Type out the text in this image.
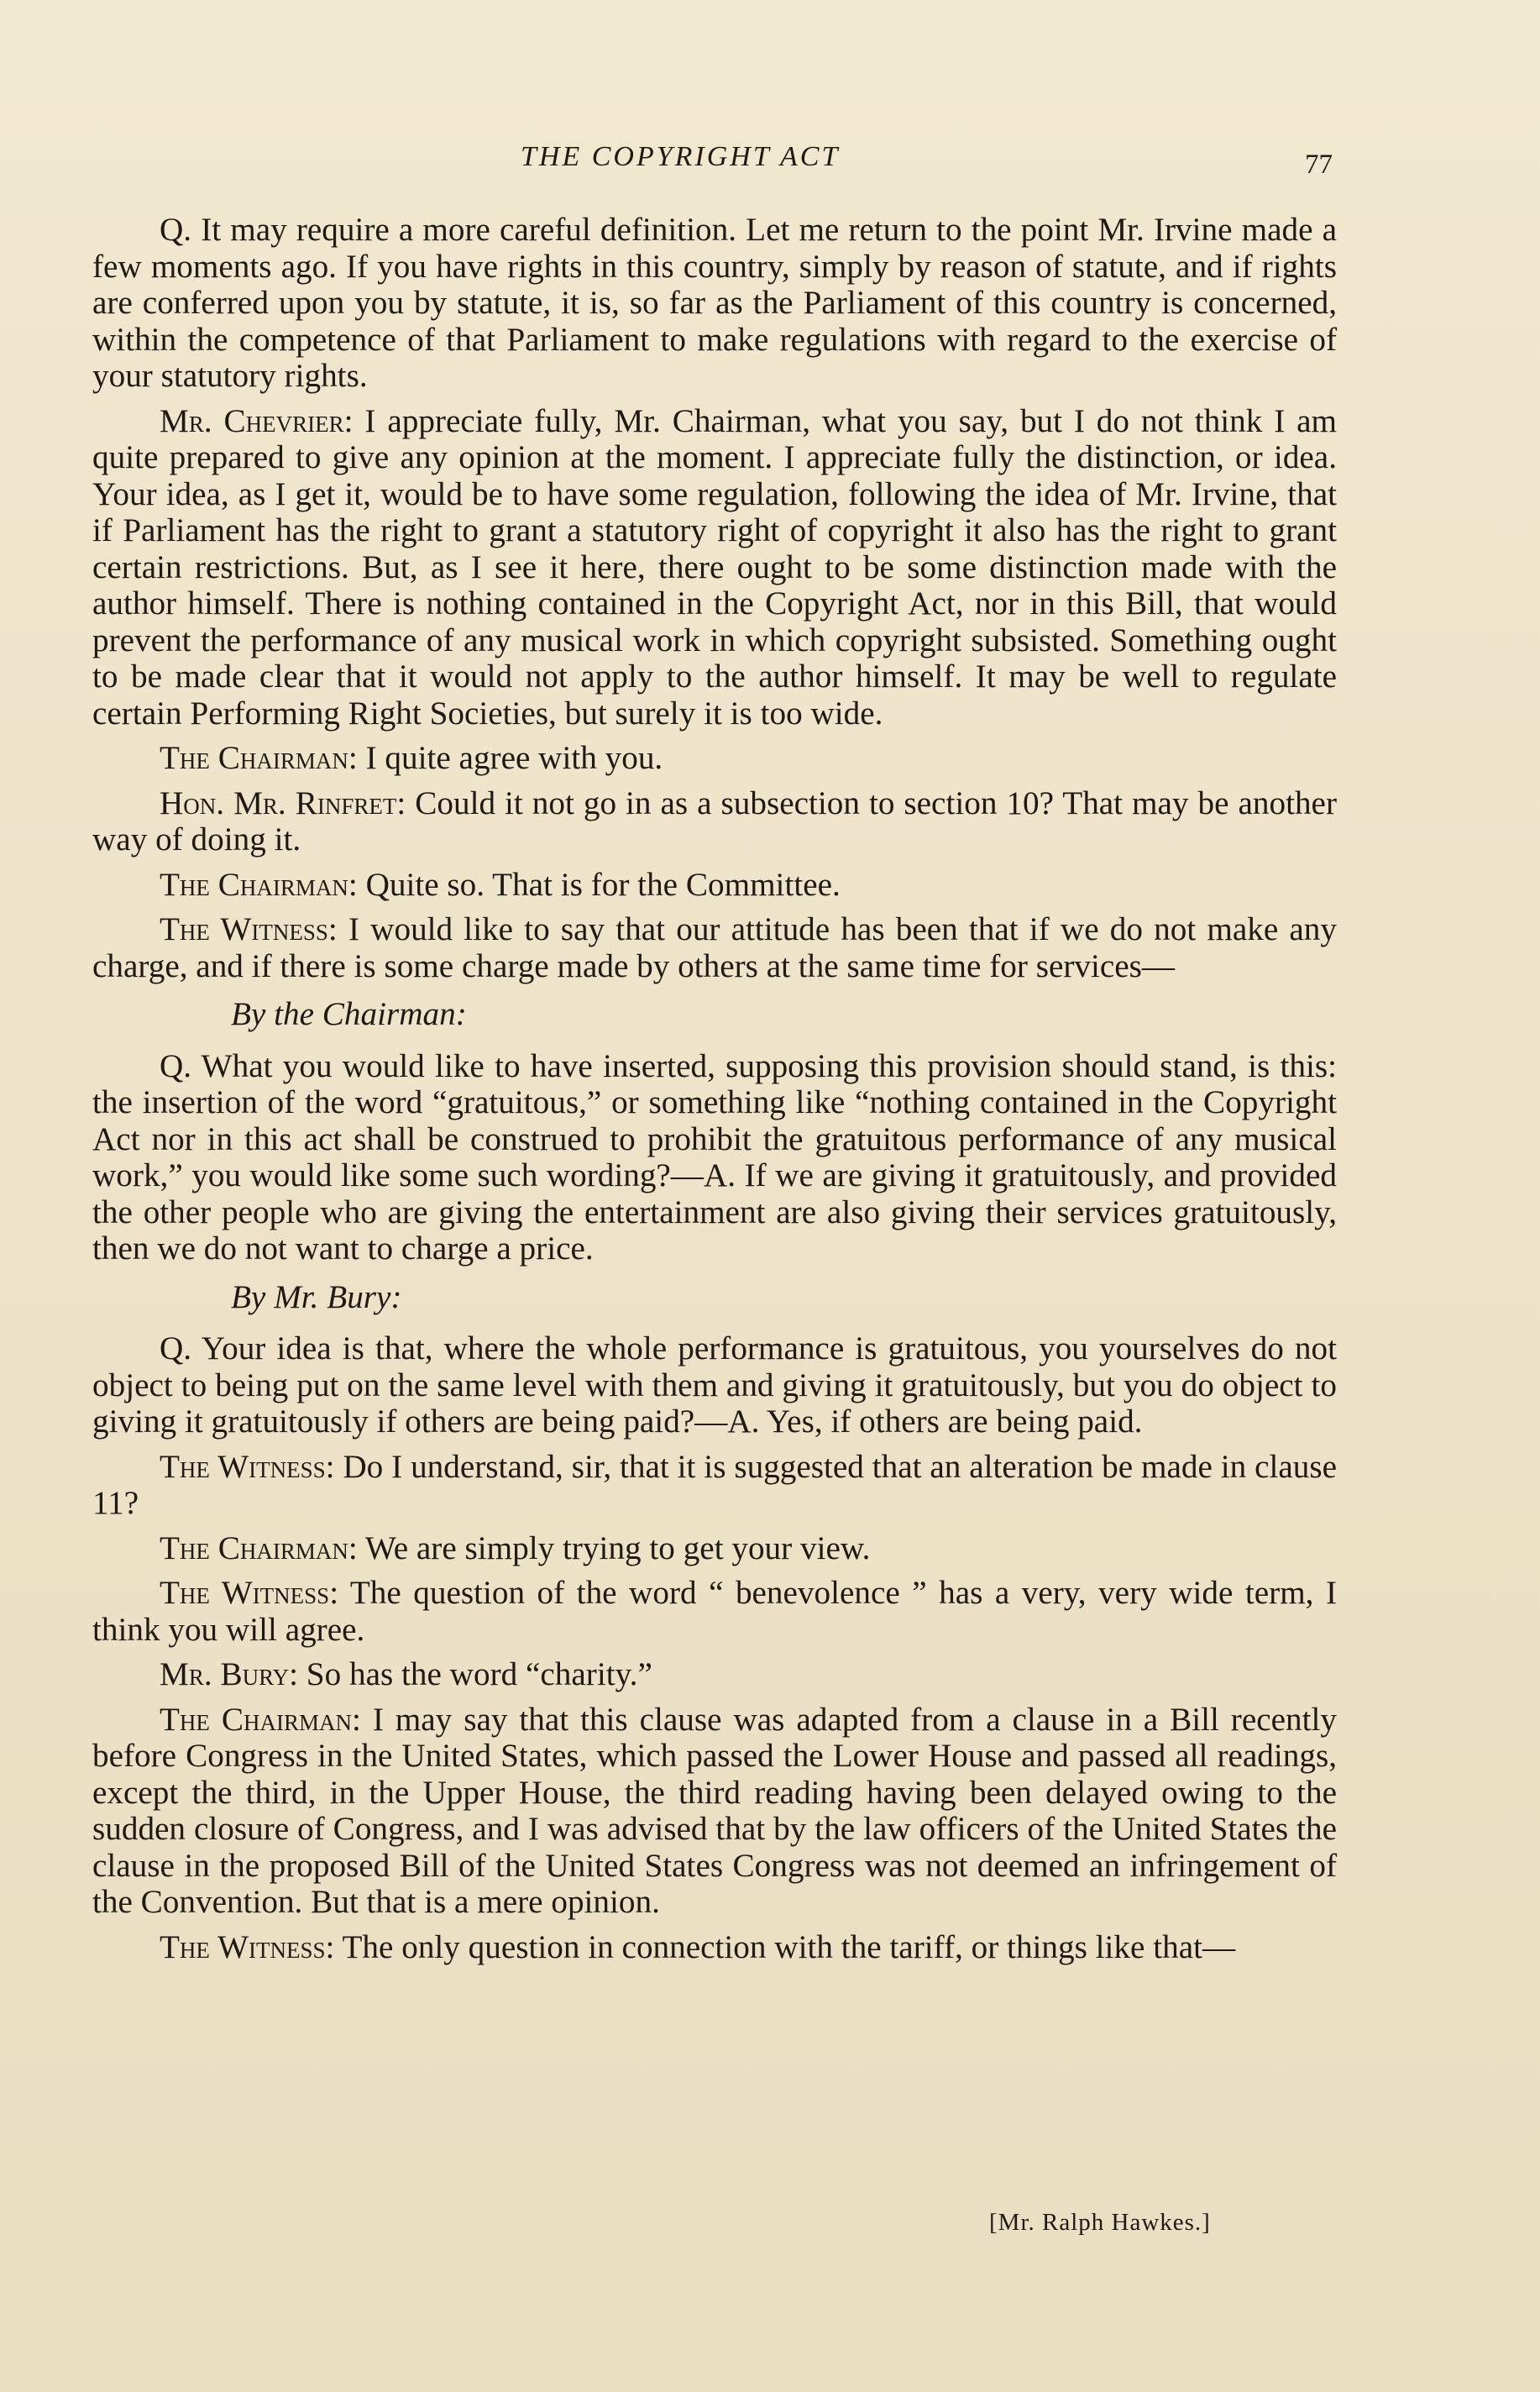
THE COPYRIGHT ACT	77

Q. It may require a more careful definition. Let me return to the point Mr. Irvine made a few moments ago. If you have rights in this country, simply by reason of statute, and if rights are conferred upon you by statute, it is, so far as the Parliament of this country is concerned, within the competence of that Parliament to make regulations with regard to the exercise of your statutory rights.

Mr. Chevrier: I appreciate fully, Mr. Chairman, what you say, but I do not think I am quite prepared to give any opinion at the moment. I appreciate fully the distinction, or idea. Your idea, as I get it, would be to have some regulation, following the idea of Mr. Irvine, that if Parliament has the right to grant a statutory right of copyright it also has the right to grant certain restrictions. But, as I see it here, there ought to be some distinction made with the author himself. There is nothing contained in the Copyright Act, nor in this Bill, that would prevent the performance of any musical work in which copyright subsisted. Something ought to be made clear that it would not apply to the author himself. It may be well to regulate certain Performing Right Societies, but surely it is too wide.

The Chairman: I quite agree with you.

Hon. Mr. Rinfret: Could it not go in as a subsection to section 10? That may be another way of doing it.

The Chairman: Quite so. That is for the Committee.

The Witness: I would like to say that our attitude has been that if we do not make any charge, and if there is some charge made by others at the same time for services—

By the Chairman:

Q. What you would like to have inserted, supposing this provision should stand, is this: the insertion of the word “gratuitous,” or something like “nothing contained in the Copyright Act nor in this act shall be construed to prohibit the gratuitous performance of any musical work,” you would like some such wording?—A. If we are giving it gratuitously, and provided the other people who are giving the entertainment are also giving their services gratuitously, then we do not want to charge a price.

By Mr. Bury:

Q. Your idea is that, where the whole performance is gratuitous, you yourselves do not object to being put on the same level with them and giving it gratuitously, but you do object to giving it gratuitously if others are being paid?—A. Yes, if others are being paid.

The Witness: Do I understand, sir, that it is suggested that an alteration be made in clause 11?

The Chairman: We are simply trying to get your view.

The Witness: The question of the word “ benevolence ” has a very, very wide term, I think you will agree.

Mr. Bury: So has the word “charity.”

The Chairman: I may say that this clause was adapted from a clause in a Bill recently before Congress in the United States, which passed the Lower House and passed all readings, except the third, in the Upper House, the third reading having been delayed owing to the sudden closure of Congress, and I was advised that by the law officers of the United States the clause in the proposed Bill of the United States Congress was not deemed an infringement of the Convention. But that is a mere opinion.

The Witness: The only question in connection with the tariff, or things like that—

[Mr. Ralph Hawkes.]
